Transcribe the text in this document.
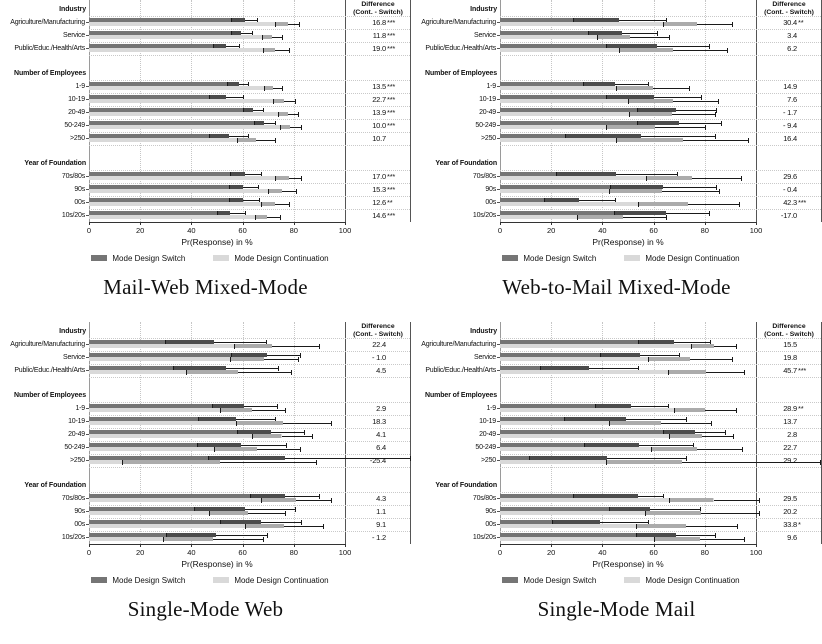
Difference
(Cont. - Switch)
Industry
Agriculture/Manufacturing	16.8 ***
Service	11.8 ***
Public/Educ./Health/Arts	19.0 ***
Number of Employees
1-9	13.5 ***
10-19	22.7 ***
20-49	13.9 ***
50-249	10.0 ***
>250	10.7
Year of Foundation
70s/80s	17.0 ***
90s	15.3 ***
00s	12.6 **
10s/20s	14.6 ***
0	20	40	60	80	100
Pr(Response) in %
Mode Design Switch	Mode Design Continuation
Mail-Web Mixed-Mode
Difference
(Cont. - Switch)
Industry
Agriculture/Manufacturing	30.4 **
Service	3.4
Public/Educ./Health/Arts	6.2
Number of Employees
1-9	14.9
10-19	7.6
20-49	- 1.7
50-249	- 9.4
>250	16.4
Year of Foundation
70s/80s	29.6
90s	- 0.4
00s	42.3 ***
10s/20s	-17.0
0	20	40	60	80	100
Pr(Response) in %
Mode Design Switch	Mode Design Continuation
Web-to-Mail Mixed-Mode
Difference
(Cont. - Switch)
Industry
Agriculture/Manufacturing	22.4
Service	- 1.0
Public/Educ./Health/Arts	4.5
Number of Employees
1-9	2.9
10-19	18.3
20-49	4.1
50-249	6.4
>250	-25.4
Year of Foundation
70s/80s	4.3
90s	1.1
00s	9.1
10s/20s	- 1.2
0	20	40	60	80	100
Pr(Response) in %
Mode Design Switch	Mode Design Continuation
Single-Mode Web
Difference
(Cont. - Switch)
Industry
Agriculture/Manufacturing	15.5
Service	19.8
Public/Educ./Health/Arts	45.7 ***
Number of Employees
1-9	28.9 **
10-19	13.7
20-49	2.8
50-249	22.7
>250	29.2
Year of Foundation
70s/80s	29.5
90s	20.2
00s	33.8 *
10s/20s	9.6
0	20	40	60	80	100
Pr(Response) in %
Mode Design Switch	Mode Design Continuation
Single-Mode Mail
